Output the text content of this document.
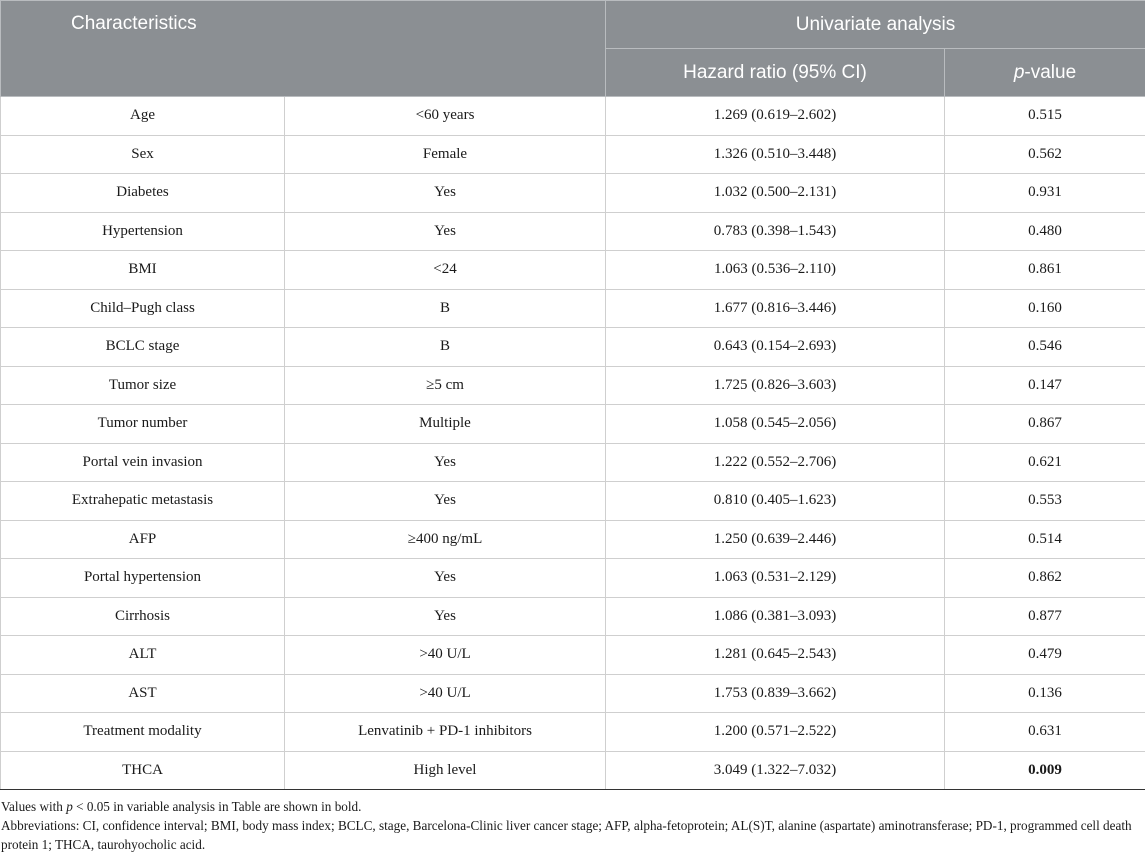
Characteristics		Univariate analysis	
		Hazard ratio (95% CI)	p-value
Age	<60 years	1.269 (0.619–2.602)	0.515
Sex	Female	1.326 (0.510–3.448)	0.562
Diabetes	Yes	1.032 (0.500–2.131)	0.931
Hypertension	Yes	0.783 (0.398–1.543)	0.480
BMI	<24	1.063 (0.536–2.110)	0.861
Child–Pugh class	B	1.677 (0.816–3.446)	0.160
BCLC stage	B	0.643 (0.154–2.693)	0.546
Tumor size	≥5 cm	1.725 (0.826–3.603)	0.147
Tumor number	Multiple	1.058 (0.545–2.056)	0.867
Portal vein invasion	Yes	1.222 (0.552–2.706)	0.621
Extrahepatic metastasis	Yes	0.810 (0.405–1.623)	0.553
AFP	≥400 ng/mL	1.250 (0.639–2.446)	0.514
Portal hypertension	Yes	1.063 (0.531–2.129)	0.862
Cirrhosis	Yes	1.086 (0.381–3.093)	0.877
ALT	>40 U/L	1.281 (0.645–2.543)	0.479
AST	>40 U/L	1.753 (0.839–3.662)	0.136
Treatment modality	Lenvatinib + PD-1 inhibitors	1.200 (0.571–2.522)	0.631
THCA	High level	3.049 (1.322–7.032)	0.009
Values with p < 0.05 in variable analysis in Table are shown in bold.
Abbreviations: CI, confidence interval; BMI, body mass index; BCLC, stage, Barcelona-Clinic liver cancer stage; AFP, alpha-fetoprotein; AL(S)T, alanine (aspartate) aminotransferase; PD-1, programmed cell death protein 1; THCA, taurohyocholic acid.
